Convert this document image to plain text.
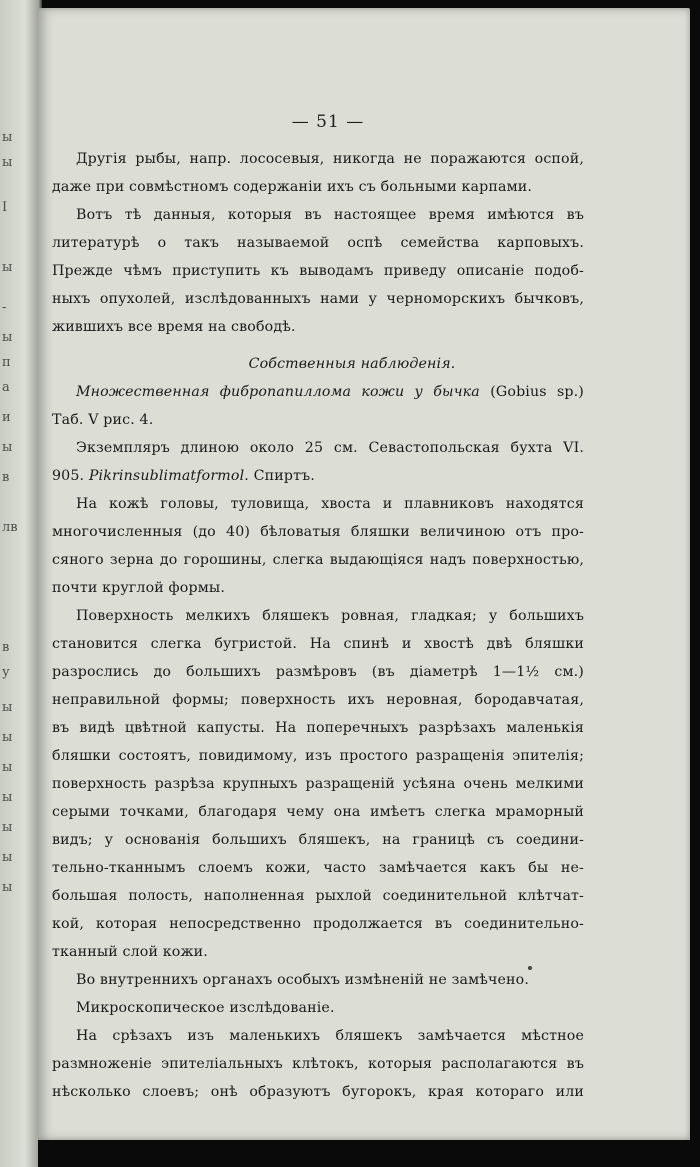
ы
ы
I
ы
-
ы
п
а
и
ы
в
лв
в
у
ы
ы
ы
ы
ы
ы
ы
— 51 —
Другія рыбы, напр. лососевыя, никогда не поражаются оспой,
даже при совмѣстномъ содержаніи ихъ съ больными карпами.
Вотъ тѣ данныя, которыя въ настоящее время имѣются въ
литературѣ о такъ называемой оспѣ семейства карповыхъ.
Прежде чѣмъ приступить къ выводамъ приведу описаніе подоб-
ныхъ опухолей, изслѣдованныхъ нами у черноморскихъ бычковъ,
жившихъ все время на свободѣ.
Собственныя наблюденія.
Множественная фибропапиллома кожи у бычка (Gobius sp.)
Таб. V рис. 4.
Экземпляръ длиною около 25 см. Севастопольская бухта VI.
905. Pikrinsublimatformol. Спиртъ.
На кожѣ головы, туловища, хвоста и плавниковъ находятся
многочисленныя (до 40) бѣловатыя бляшки величиною отъ про-
сяного зерна до горошины, слегка выдающіяся надъ поверхностью,
почти круглой формы.
Поверхность мелкихъ бляшекъ ровная, гладкая; у большихъ
становится слегка бугристой. На спинѣ и хвостѣ двѣ бляшки
разрослись до большихъ размѣровъ (въ діаметрѣ 1—1½ см.)
неправильной формы; поверхность ихъ неровная, бородавчатая,
въ видѣ цвѣтной капусты. На поперечныхъ разрѣзахъ маленькія
бляшки состоятъ, повидимому, изъ простого разращенія эпителія;
поверхность разрѣза крупныхъ разращеній усѣяна очень мелкими
серыми точками, благодаря чему она имѣетъ слегка мраморный
видъ; у основанія большихъ бляшекъ, на границѣ съ соедини-
тельно-тканнымъ слоемъ кожи, часто замѣчается какъ бы не-
большая полость, наполненная рыхлой соединительной клѣтчат-
кой, которая непосредственно продолжается въ соединительно-
тканный слой кожи.
Во внутреннихъ органахъ особыхъ измѣненій не замѣчено.
Микроскопическое изслѣдованіе.
На срѣзахъ изъ маленькихъ бляшекъ замѣчается мѣстное
размноженіе эпителіальныхъ клѣтокъ, которыя располагаются въ
нѣсколько слоевъ; онѣ образуютъ бугорокъ, края котораго или
